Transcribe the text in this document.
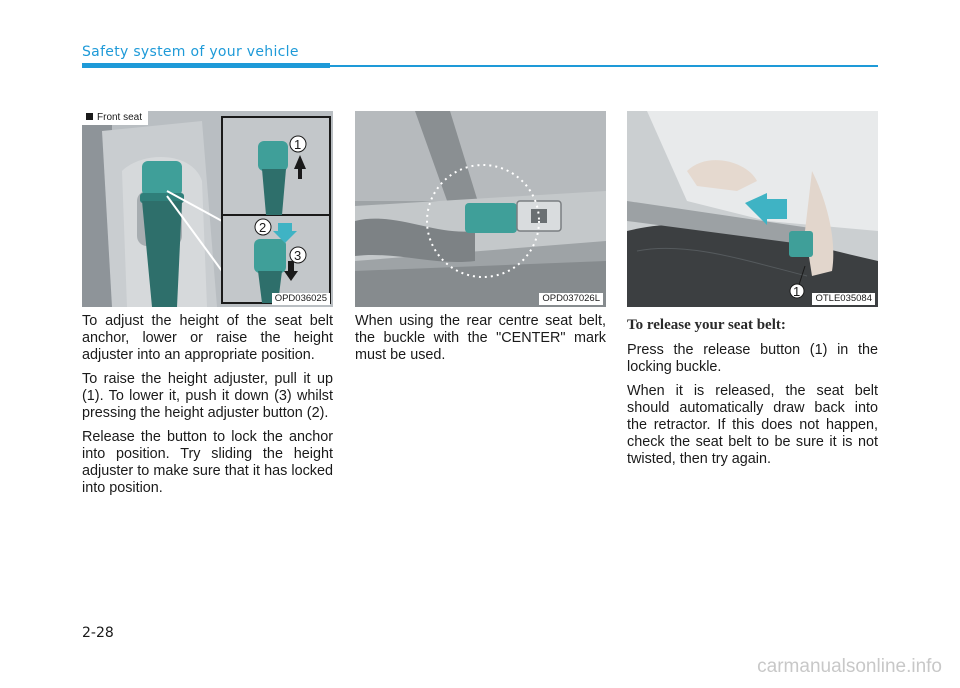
Safety system of your vehicle
1
2
3
Front seat
OPD036025	OPD037026L	1	OTLE035084

To adjust the height of the seat belt anchor, lower or raise the height adjuster into an appropriate position.

To raise the height adjuster, pull it up (1). To lower it, push it down (3) whilst pressing the height adjuster button (2).

Release the button to lock the anchor into position. Try sliding the height adjuster to make sure that it has locked into position.

When using the rear centre seat belt, the buckle with the "CENTER" mark must be used.

To release your seat belt:

Press the release button (1) in the locking buckle.

When it is released, the seat belt should automatically draw back into the retractor. If this does not happen, check the seat belt to be sure it is not twisted, then try again.

2-28
carmanualsonline.info
